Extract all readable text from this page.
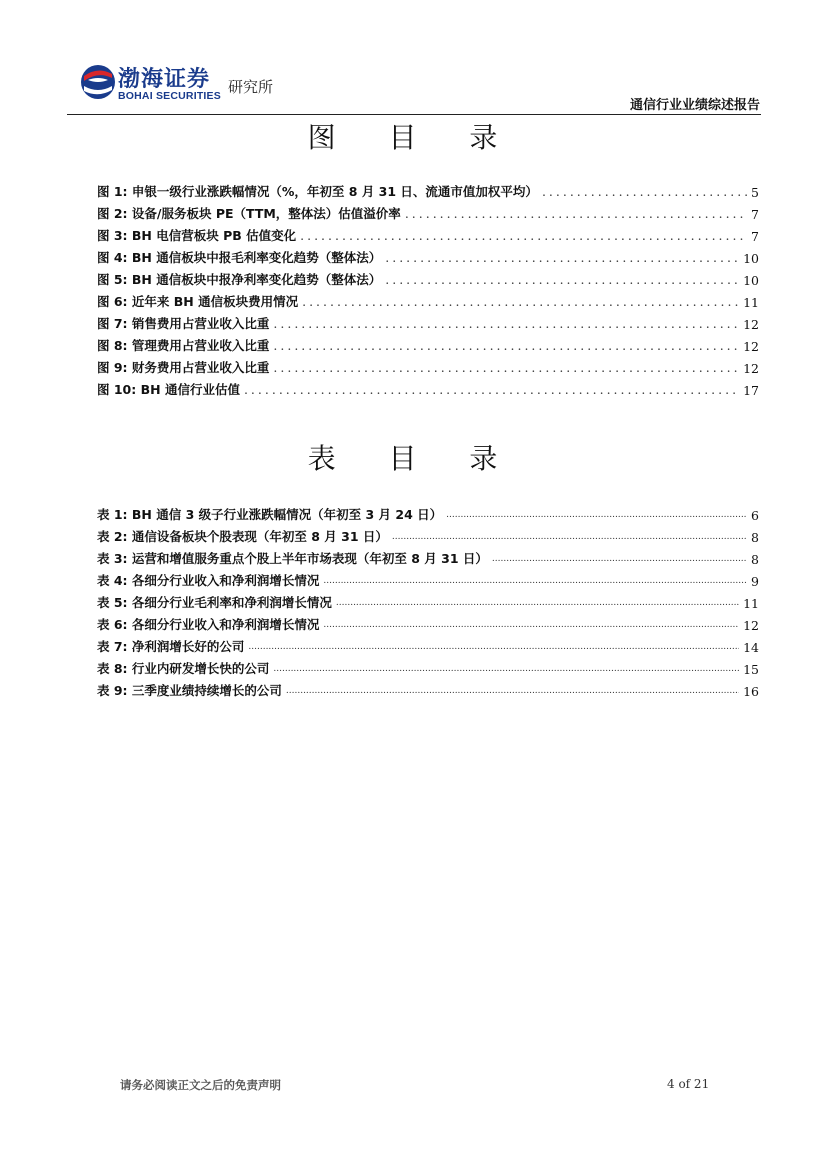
渤海证券
BOHAI SECURITIES 研究所
通信行业业绩综述报告
图 目 录
图 1: 申银一级行业涨跌幅情况（%，年初至 8 月 31 日、流通市值加权平均） .....	5
图 2: 设备/服务板块 PE（TTM，整体法）估值溢价率 .....	7
图 3: BH 电信营板块 PB 估值变化 .....	7
图 4: BH 通信板块中报毛利率变化趋势（整体法） .....	10
图 5: BH 通信板块中报净利率变化趋势（整体法） .....	10
图 6: 近年来 BH 通信板块费用情况 .....	11
图 7: 销售费用占营业收入比重 .....	12
图 8: 管理费用占营业收入比重 .....	12
图 9: 财务费用占营业收入比重 .....	12
图 10: BH 通信行业估值 .....	17
表 目 录
表 1: BH 通信 3 级子行业涨跌幅情况（年初至 3 月 24 日） .....	6
表 2: 通信设备板块个股表现（年初至 8 月 31 日） .....	8
表 3: 运营和增值服务重点个股上半年市场表现（年初至 8 月 31 日） .....	8
表 4: 各细分行业收入和净利润增长情况 .....	9
表 5: 各细分行业毛利率和净利润增长情况 .....	11
表 6: 各细分行业收入和净利润增长情况 .....	12
表 7: 净利润增长好的公司 .....	14
表 8: 行业内研发增长快的公司 .....	15
表 9: 三季度业绩持续增长的公司 .....	16
请务必阅读正文之后的免责声明	4 of 21
